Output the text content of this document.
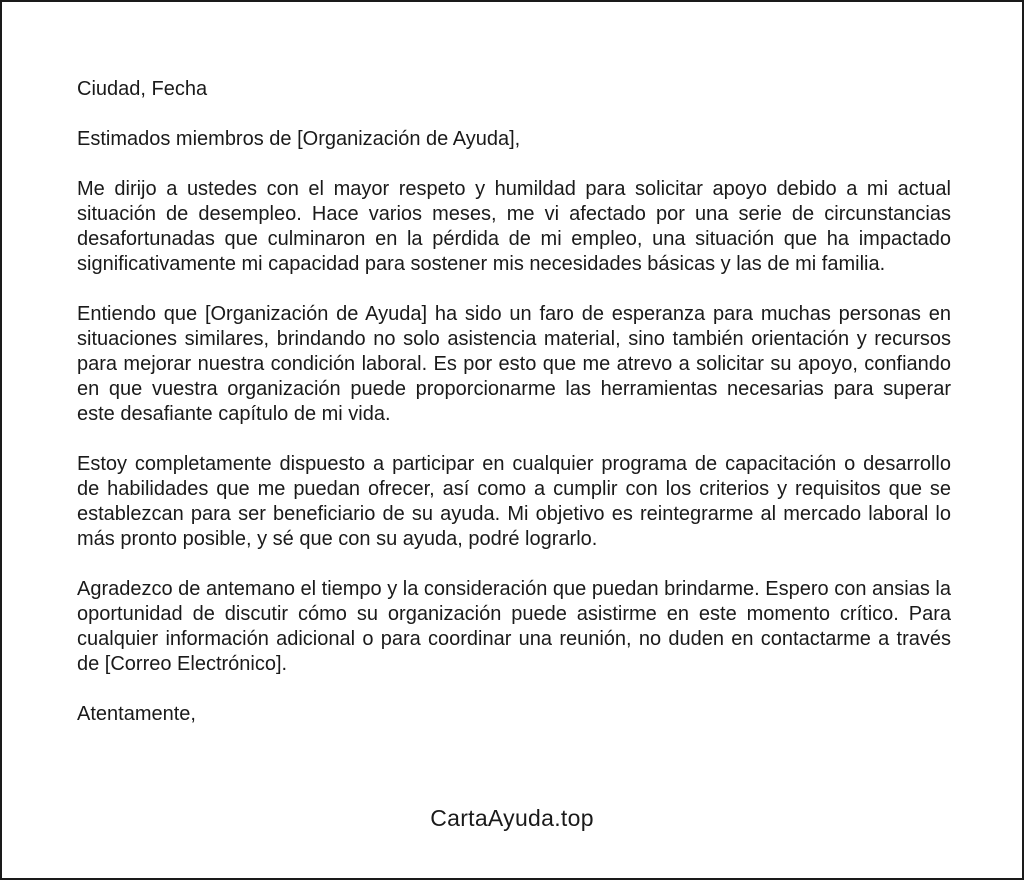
Ciudad, Fecha

Estimados miembros de [Organización de Ayuda],

Me dirijo a ustedes con el mayor respeto y humildad para solicitar apoyo debido a mi actual situación de desempleo. Hace varios meses, me vi afectado por una serie de circunstancias desafortunadas que culminaron en la pérdida de mi empleo, una situación que ha impactado significativamente mi capacidad para sostener mis necesidades básicas y las de mi familia.

Entiendo que [Organización de Ayuda] ha sido un faro de esperanza para muchas personas en situaciones similares, brindando no solo asistencia material, sino también orientación y recursos para mejorar nuestra condición laboral. Es por esto que me atrevo a solicitar su apoyo, confiando en que vuestra organización puede proporcionarme las herramientas necesarias para superar este desafiante capítulo de mi vida.

Estoy completamente dispuesto a participar en cualquier programa de capacitación o desarrollo de habilidades que me puedan ofrecer, así como a cumplir con los criterios y requisitos que se establezcan para ser beneficiario de su ayuda. Mi objetivo es reintegrarme al mercado laboral lo más pronto posible, y sé que con su ayuda, podré lograrlo.

Agradezco de antemano el tiempo y la consideración que puedan brindarme. Espero con ansias la oportunidad de discutir cómo su organización puede asistirme en este momento crítico. Para cualquier información adicional o para coordinar una reunión, no duden en contactarme a través de [Correo Electrónico].

Atentamente,

CartaAyuda.top
